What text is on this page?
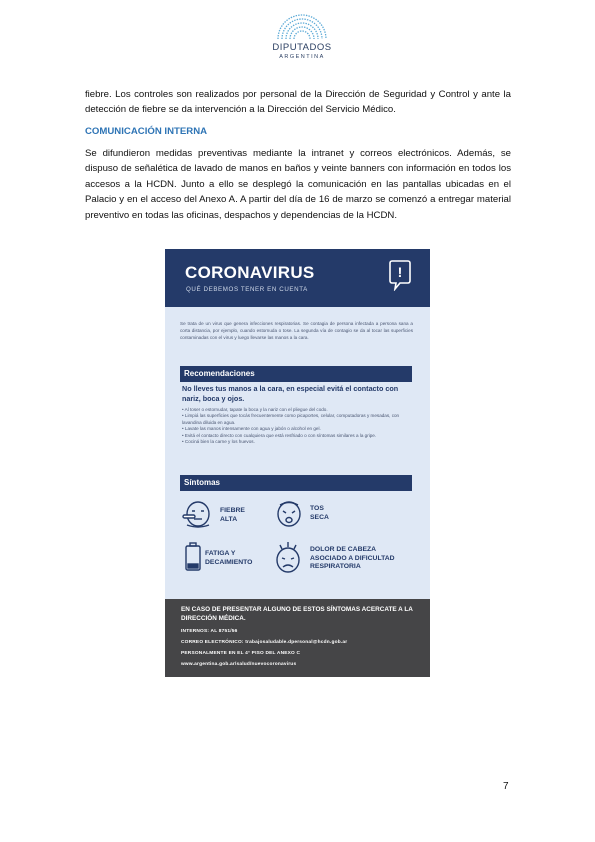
DIPUTADOS
ARGENTINA
fiebre. Los controles son realizados por personal de la Dirección de Seguridad y Control y ante la detección de fiebre se da intervención a la Dirección del Servicio Médico.
COMUNICACIÓN INTERNA
Se difundieron medidas preventivas mediante la intranet y correos electrónicos. Además, se dispuso de señalética de lavado de manos en baños y veinte banners con información en todos los accesos a la HCDN. Junto a ello se desplegó la comunicación en las pantallas ubicadas en el Palacio y en el acceso del Anexo A. A partir del día de 16 de marzo se comenzó a entregar material preventivo en todas las oficinas, despachos y dependencias de la HCDN.
CORONAVIRUS
QUÉ DEBEMOS TENER EN CUENTA
!
Se trata de un virus que genera infecciones respiratorias. Se contagia de persona infectada a persona sana a corta distancia, por ejemplo, cuando estornuda o tose. La segunda vía de contagio se da al tocar las superficies contaminadas con el virus y luego llevarse las manos a la cara.
Recomendaciones
No lleves tus manos a la cara, en especial evitá el contacto con nariz, boca y ojos.
• Al toser o estornudar, tapate la boca y la nariz con el pliegue del codo.
• Limpiá las superficies que tocás frecuentemente como picaportes, celular, computadoras y mesadas, con lavandina diluida en agua.
• Lavate las manos intensamente con agua y jabón o alcohol en gel.
• Evitá el contacto directo con cualquiera que está resfriado o con síntomas similares a la gripe.
• Cociná bien la carne y los huevos.
Síntomas
FIEBRE
ALTA
TOS
SECA
FATIGA Y
DECAIMIENTO
DOLOR DE CABEZA
ASOCIADO A DIFICULTAD
RESPIRATORIA
EN CASO DE PRESENTAR ALGUNO DE ESTOS SÍNTOMAS ACERCATE A LA DIRECCIÓN MÉDICA.
INTERNOS: AL 8751/56
CORREO ELECTRÓNICO: trabajosaludable.dpersonal@hcdn.gob.ar
PERSONALMENTE EN EL 4° PISO DEL ANEXO C
www.argentina.gob.ar/salud/nuevocoronavirus
7
